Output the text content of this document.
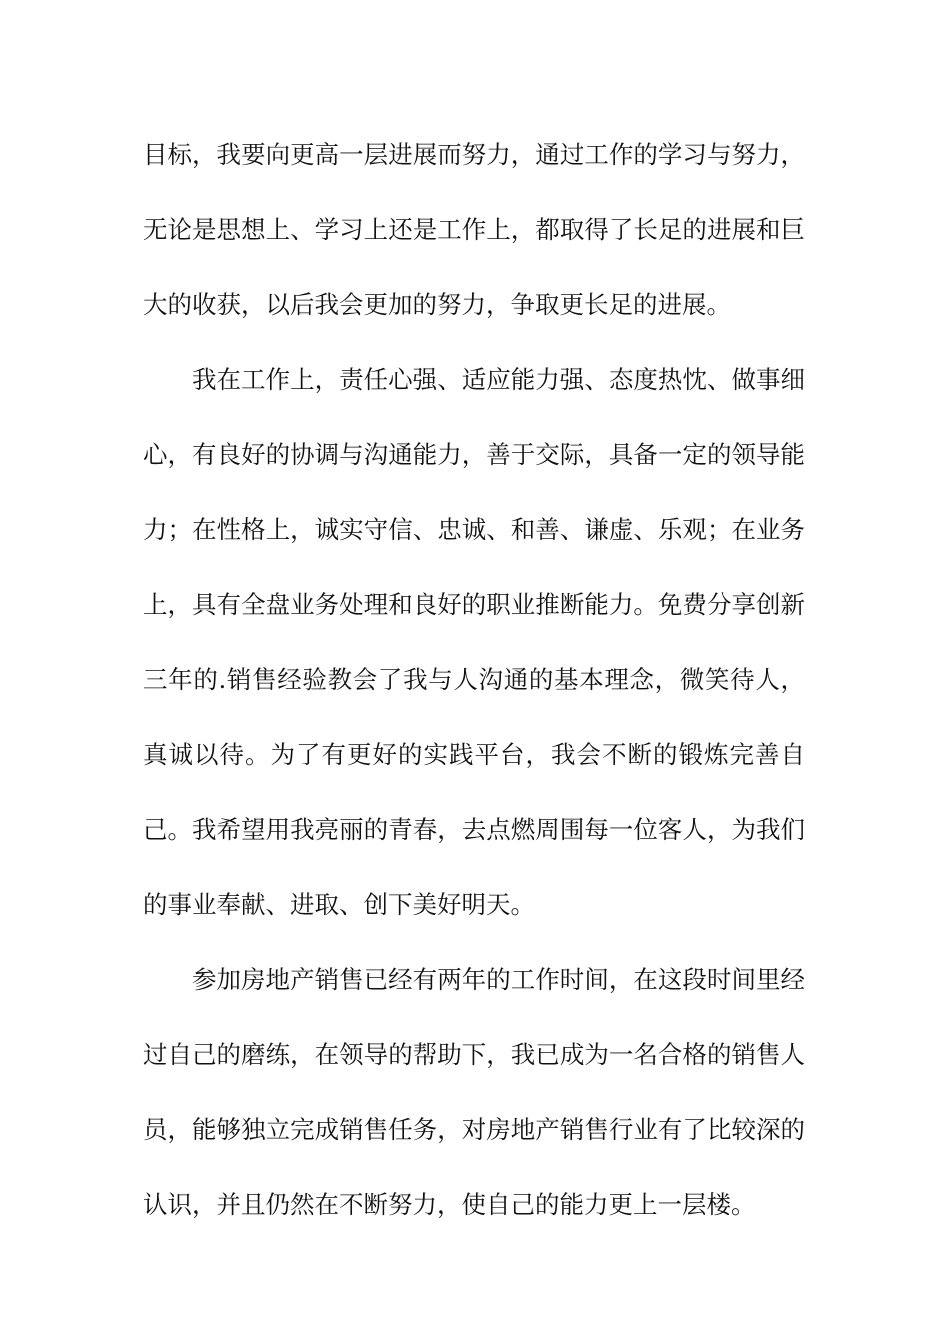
目标，我要向更高一层进展而努力，通过工作的学习与努力，无论是思想上、学习上还是工作上，都取得了长足的进展和巨大的收获，以后我会更加的努力，争取更长足的进展。

我在工作上，责任心强、适应能力强、态度热忱、做事细心，有良好的协调与沟通能力，善于交际，具备一定的领导能力；在性格上，诚实守信、忠诚、和善、谦虚、乐观；在业务上，具有全盘业务处理和良好的职业推断能力。免费分享创新三年的.销售经验教会了我与人沟通的基本理念，微笑待人，真诚以待。为了有更好的实践平台，我会不断的锻炼完善自己。我希望用我亮丽的青春，去点燃周围每一位客人，为我们的事业奉献、进取、创下美好明天。

参加房地产销售已经有两年的工作时间，在这段时间里经过自己的磨练，在领导的帮助下，我已成为一名合格的销售人员，能够独立完成销售任务，对房地产销售行业有了比较深的认识，并且仍然在不断努力，使自己的能力更上一层楼。
